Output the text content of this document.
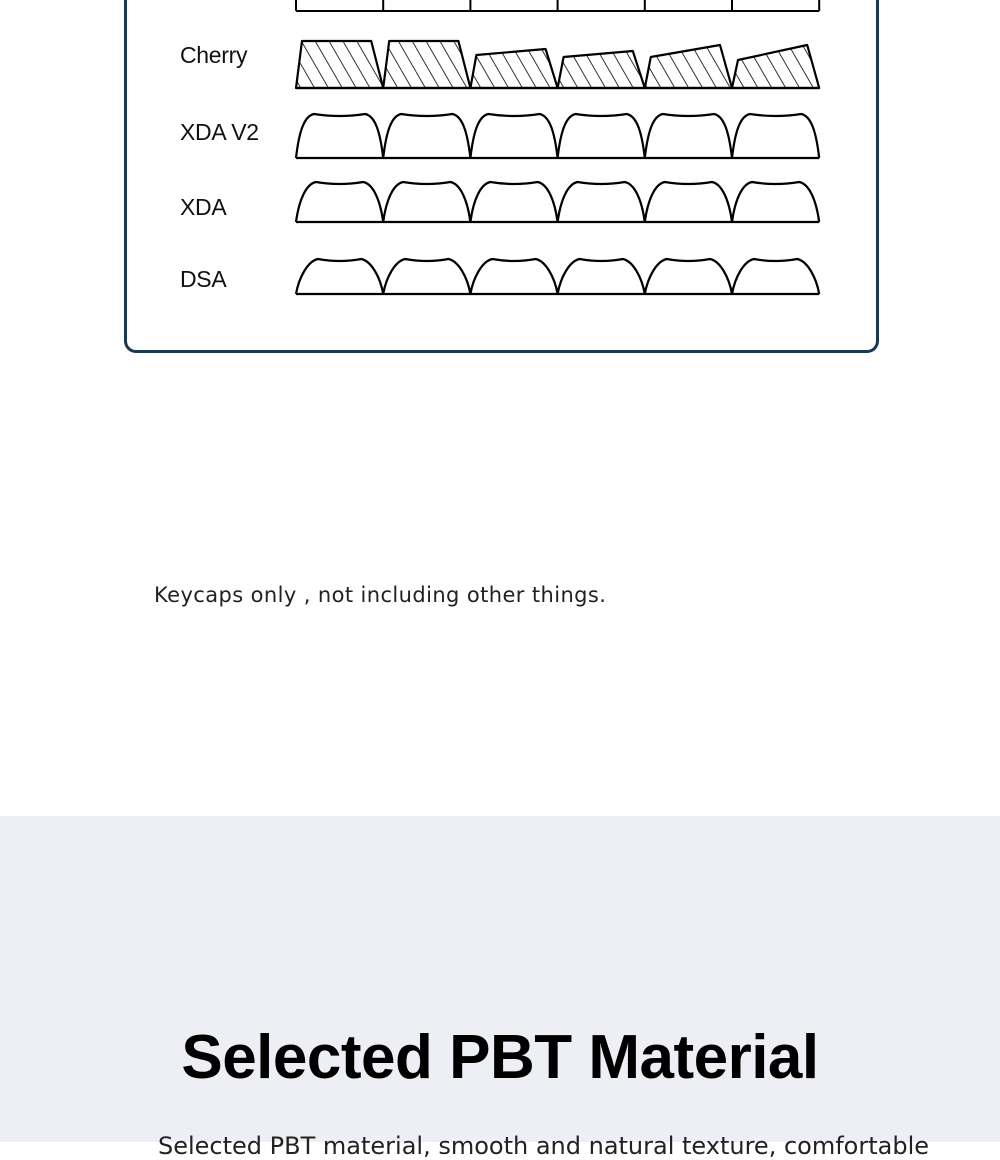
Cherry
XDA V2
XDA
DSA
Keycaps only , not including other things.
Selected PBT Material
Selected PBT material, smooth and natural texture, comfortable
